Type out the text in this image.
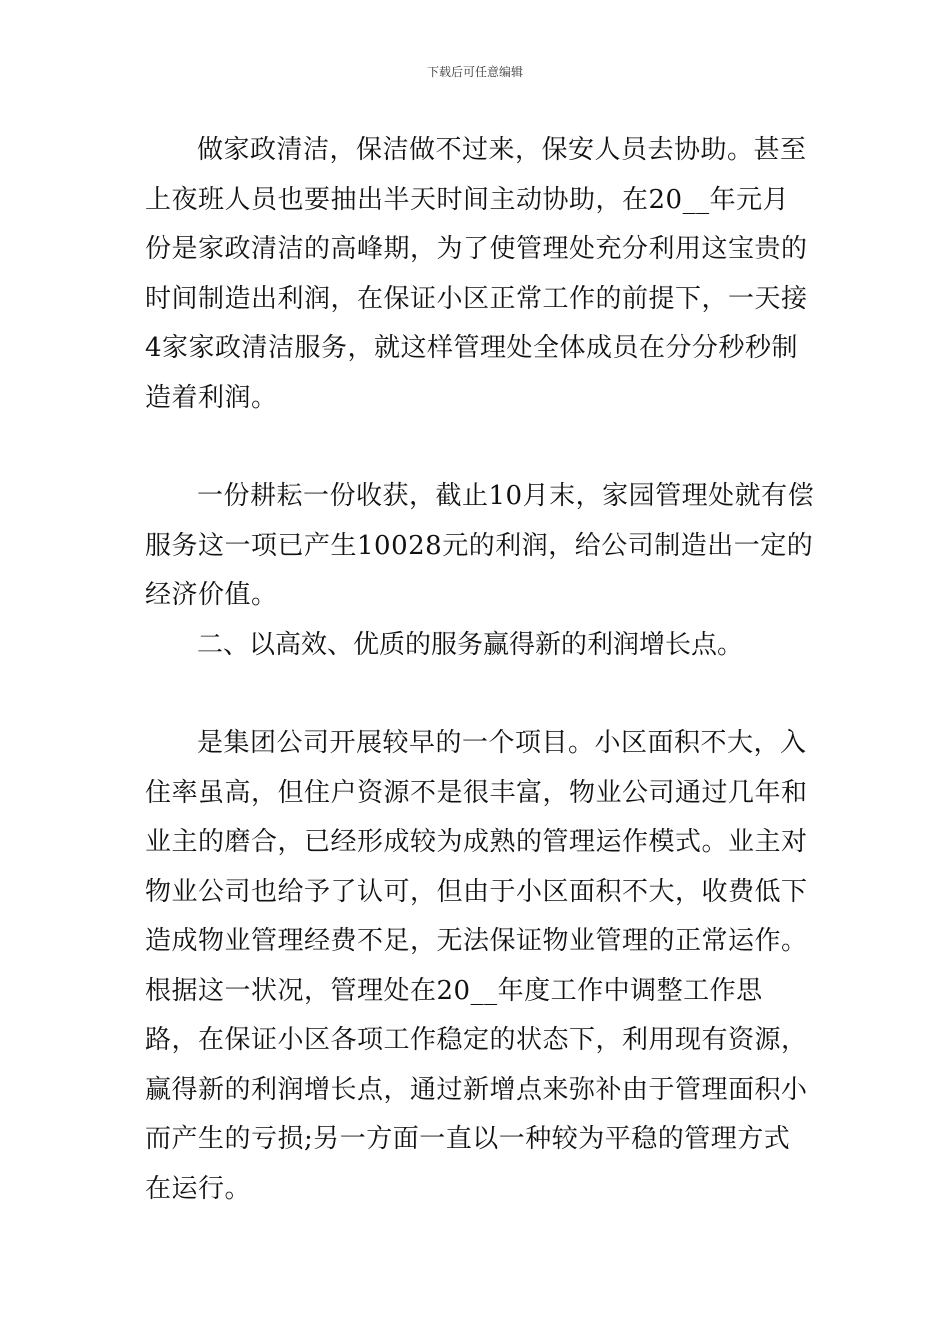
下载后可任意编辑

做家政清洁，保洁做不过来，保安人员去协助。甚至上夜班人员也要抽出半天时间主动协助，在20__年元月份是家政清洁的高峰期，为了使管理处充分利用这宝贵的时间制造出利润，在保证小区正常工作的前提下，一天接4家家政清洁服务，就这样管理处全体成员在分分秒秒制造着利润。

一份耕耘一份收获，截止10月末，家园管理处就有偿服务这一项已产生10028元的利润，给公司制造出一定的经济价值。

二、以高效、优质的服务赢得新的利润增长点。

是集团公司开展较早的一个项目。小区面积不大，入住率虽高，但住户资源不是很丰富，物业公司通过几年和业主的磨合，已经形成较为成熟的管理运作模式。业主对物业公司也给予了认可，但由于小区面积不大，收费低下造成物业管理经费不足，无法保证物业管理的正常运作。根据这一状况，管理处在20__年度工作中调整工作思路，在保证小区各项工作稳定的状态下，利用现有资源，赢得新的利润增长点，通过新增点来弥补由于管理面积小而产生的亏损;另一方面一直以一种较为平稳的管理方式在运行。
